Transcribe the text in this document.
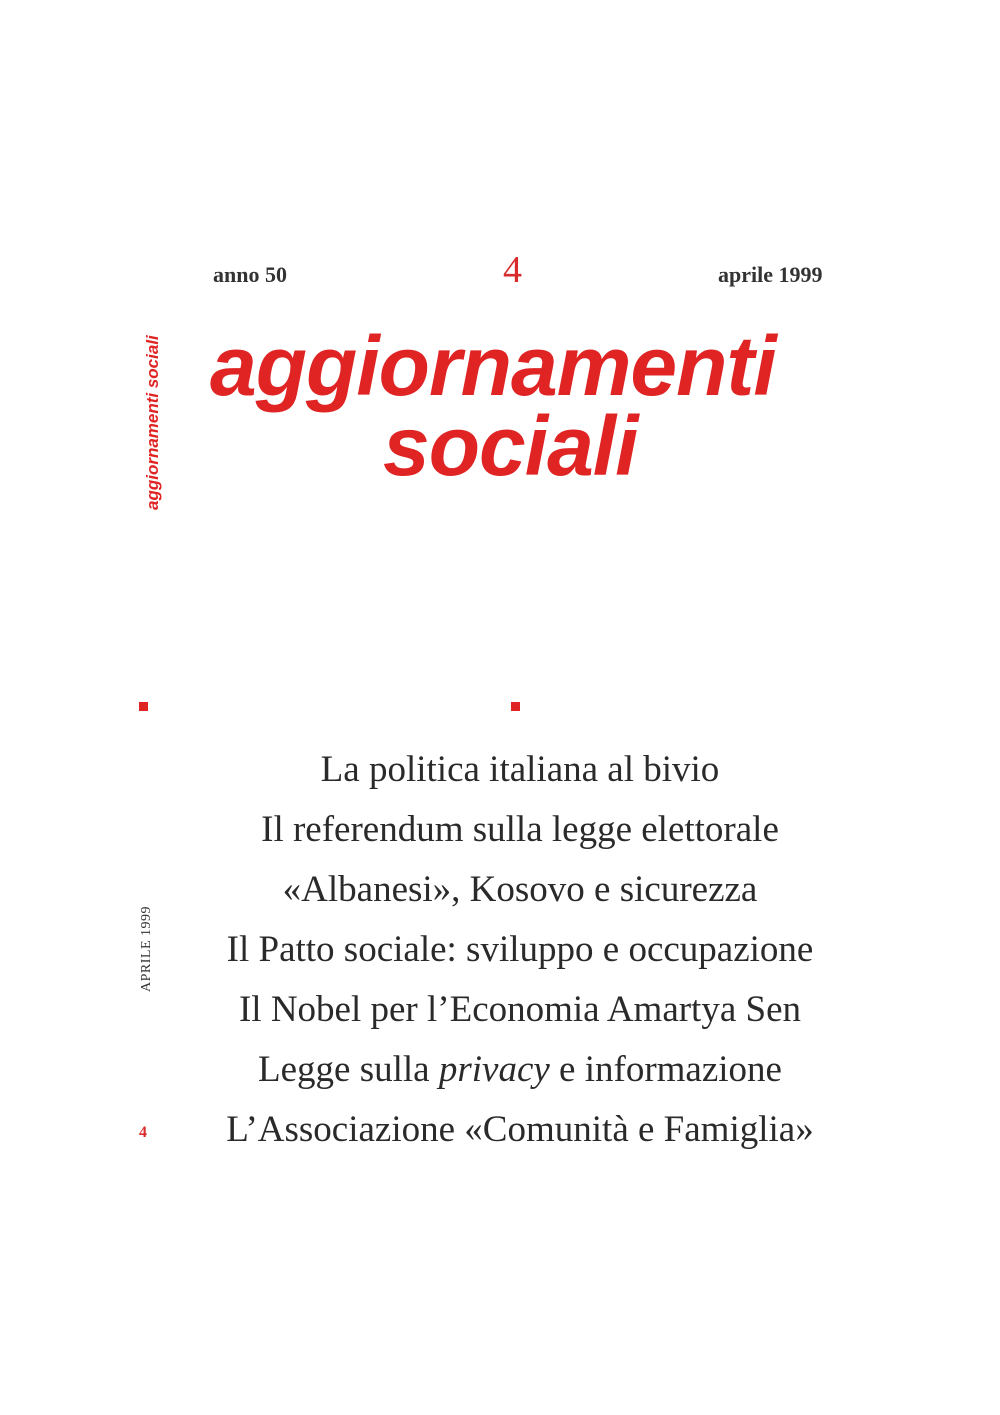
anno 50	4	aprile 1999
aggiornamenti
sociali
aggiornamenti sociali
APRILE 1999
4
La politica italiana al bivio
Il referendum sulla legge elettorale
«Albanesi», Kosovo e sicurezza
Il Patto sociale: sviluppo e occupazione
Il Nobel per l’Economia Amartya Sen
Legge sulla privacy e informazione
L’Associazione «Comunità e Famiglia»
